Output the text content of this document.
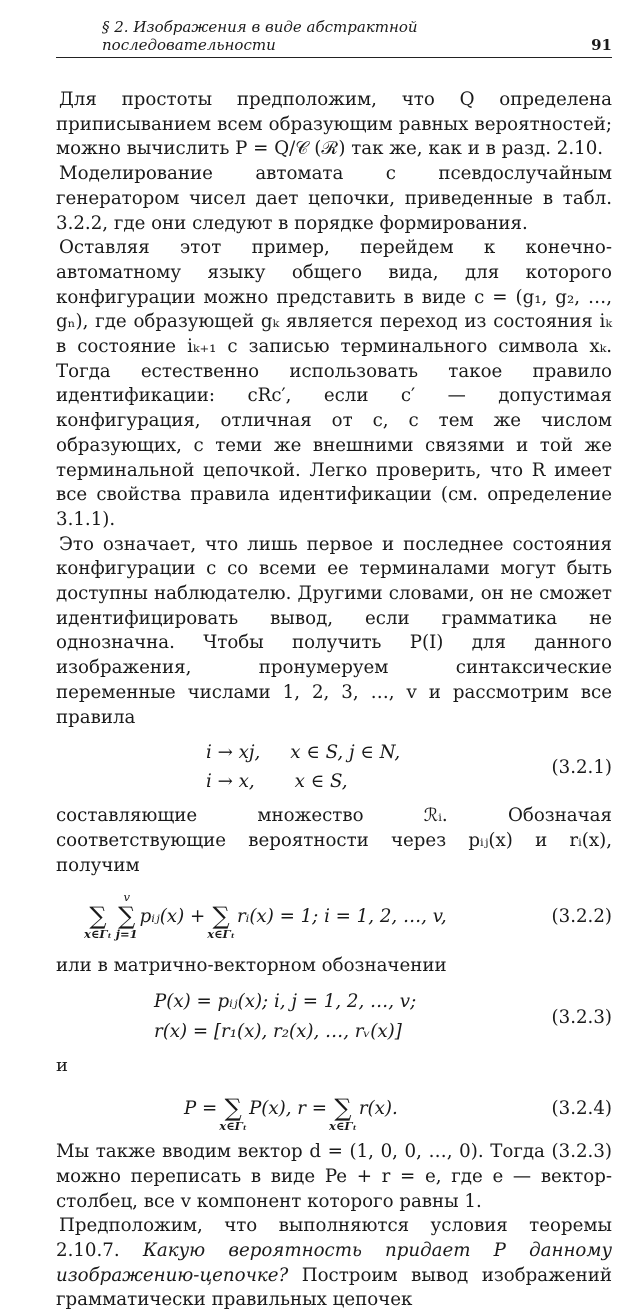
§ 2. Изображения в виде абстрактной последовательности	91

Для простоты предположим, что Q определена приписыванием всем образующим равных вероятностей; можно вычислить P = Q/𝒞 (ℛ) так же, как и в разд. 2.10.

Моделирование автомата с псевдослучайным генератором чисел дает цепочки, приведенные в табл. 3.2.2, где они следуют в порядке формирования.

Оставляя этот пример, перейдем к конечно-автоматному языку общего вида, для которого конфигурации можно представить в виде c = (g₁, g₂, …, gₙ), где образующей gₖ является переход из состояния iₖ в состояние iₖ₊₁ с записью терминального символа xₖ. Тогда естественно использовать такое правило идентификации: cRc′, если c′ — допустимая конфигурация, отличная от c, с тем же числом образующих, с теми же внешними связями и той же терминальной цепочкой. Легко проверить, что R имеет все свойства правила идентификации (см. определение 3.1.1).

Это означает, что лишь первое и последнее состояния конфигурации c со всеми ее терминалами могут быть доступны наблюдателю. Другими словами, он не сможет идентифицировать вывод, если грамматика не однозначна. Чтобы получить P(I) для данного изображения, пронумеруем синтаксические переменные числами 1, 2, 3, …, v и рассмотрим все правила

i → xj, x ∈ S, j ∈ N,
i → x, x ∈ S,
(3.2.1)

составляющие множество ℛᵢ. Обозначая соответствующие вероятности через pᵢⱼ(x) и rᵢ(x), получим

∑
x∈Γₜ
v
∑
j=1
pᵢⱼ(x) +
∑
x∈Γₜ
rᵢ(x) = 1; i = 1, 2, …, v,	(3.2.2)

или в матрично-векторном обозначении

P(x) = pᵢⱼ(x); i, j = 1, 2, …, v;
r(x) = [r₁(x), r₂(x), …, rᵥ(x)]
(3.2.3)
и
P =
∑
x∈Γₜ
P(x), r =
∑
x∈Γₜ
r(x).	(3.2.4)

Мы также вводим вектор d = (1, 0, 0, …, 0). Тогда (3.2.3) можно переписать в виде Pe + r = e, где e — вектор-столбец, все v компонент которого равны 1.

Предположим, что выполняются условия теоремы 2.10.7. Какую вероятность придает P данному изображению-цепочке? Построим вывод изображений грамматически правильных цепочек
